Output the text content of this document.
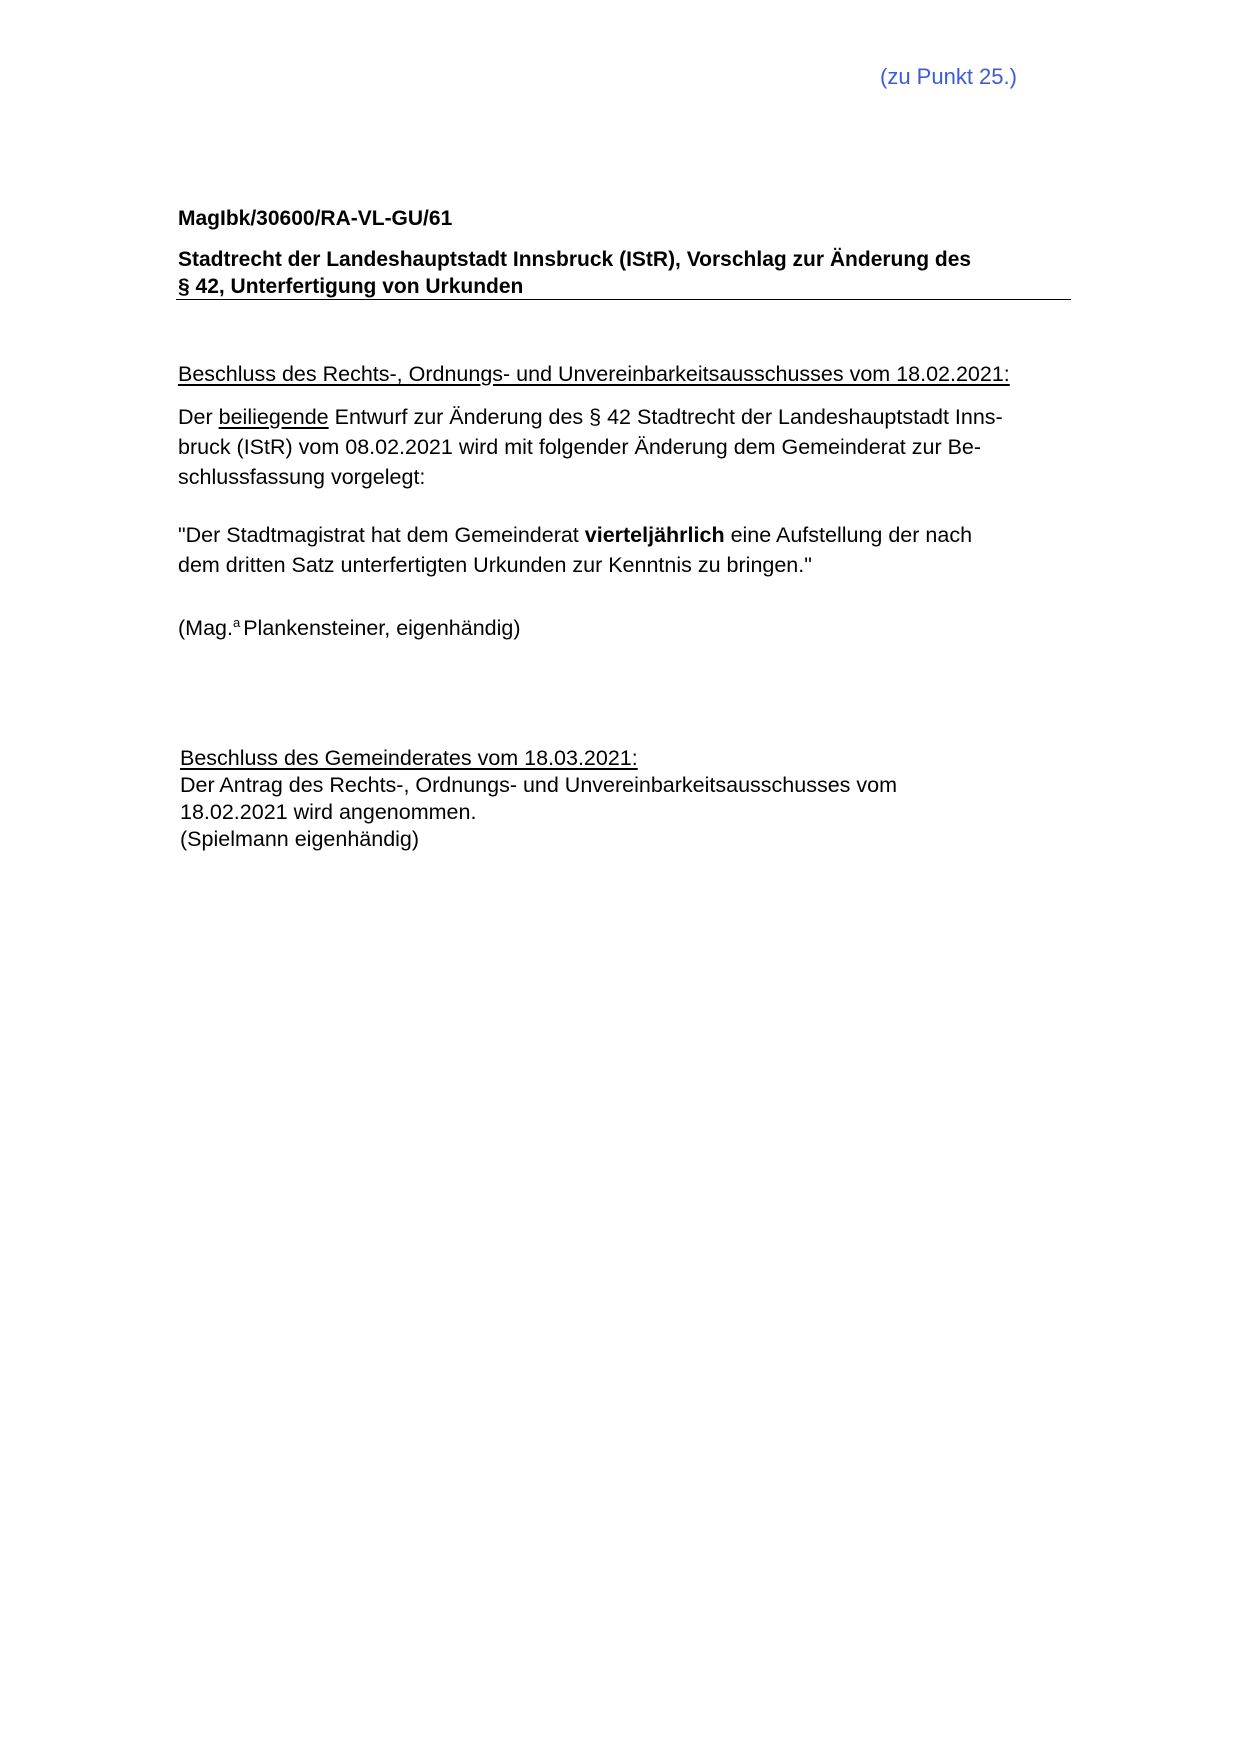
(zu Punkt 25.)
MagIbk/30600/RA-VL-GU/61
Stadtrecht der Landeshauptstadt Innsbruck (IStR), Vorschlag zur Änderung des
§ 42, Unterfertigung von Urkunden
Beschluss des Rechts-, Ordnungs- und Unvereinbarkeitsausschusses vom 18.02.2021:

Der beiliegende Entwurf zur Änderung des § 42 Stadtrecht der Landeshauptstadt Inns-

bruck (IStR) vom 08.02.2021 wird mit folgender Änderung dem Gemeinderat zur Be-

schlussfassung vorgelegt:

"Der Stadtmagistrat hat dem Gemeinderat vierteljährlich eine Aufstellung der nach

dem dritten Satz unterfertigten Urkunden zur Kenntnis zu bringen."

(Mag.$^a$ Plankensteiner, eigenhändig)

Beschluss des Gemeinderates vom 18.03.2021:

Der Antrag des Rechts-, Ordnungs- und Unvereinbarkeitsausschusses vom

18.02.2021 wird angenommen.

(Spielmann eigenhändig)
